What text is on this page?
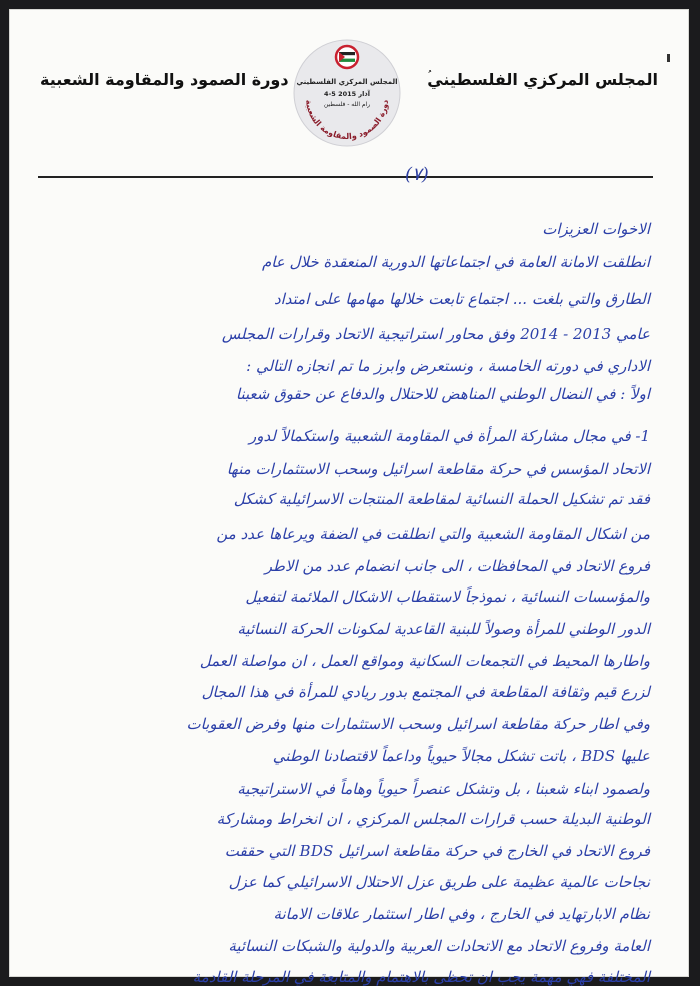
المجلس المركزي الفلسطيني
دورة الصمود والمقاومة الشعبية المجلس المركزي الفلسطيني
4-5 آذار 2015
رام الله - فلسطين
دورة الصمود والمقاومة الشعبية
(٧)
الاخوات العزيزات
انطلقت الامانة العامة في اجتماعاتها الدورية المنعقدة خلال عام
الطارق والتي بلغت ... اجتماع تابعت خلالها مهامها على امتداد
عامي 2013 - 2014 وفق محاور استراتيجية الاتحاد وقرارات المجلس
الاداري في دورته الخامسة ، ونستعرض وابرز ما تم انجازه التالي :
اولاً : في النضال الوطني المناهض للاحتلال والدفاع عن حقوق شعبنا
1- في مجال مشاركة المرأة في المقاومة الشعبية واستكمالاً لدور
الاتحاد المؤسس في حركة مقاطعة اسرائيل وسحب الاستثمارات منها
فقد تم تشكيل الحملة النسائية لمقاطعة المنتجات الاسرائيلية كشكل
من اشكال المقاومة الشعبية والتي انطلقت في الضفة ويرعاها عدد من
فروع الاتحاد في المحافظات ، الى جانب انضمام عدد من الاطر
والمؤسسات النسائية ، نموذجاً لاستقطاب الاشكال الملائمة لتفعيل
الدور الوطني للمرأة وصولاً للبنية القاعدية لمكونات الحركة النسائية
واطارها المحيط في التجمعات السكانية ومواقع العمل ، ان مواصلة العمل
لزرع قيم وثقافة المقاطعة في المجتمع بدور ريادي للمرأة في هذا المجال
وفي اطار حركة مقاطعة اسرائيل وسحب الاستثمارات منها وفرض العقوبات
عليها BDS ، باتت تشكل مجالاً حيوياً وداعماً لاقتصادنا الوطني
ولصمود ابناء شعبنا ، بل وتشكل عنصراً حيوياً وهاماً في الاستراتيجية
الوطنية البديلة حسب قرارات المجلس المركزي ، ان انخراط ومشاركة
فروع الاتحاد في الخارج في حركة مقاطعة اسرائيل BDS التي حققت
نجاحات عالمية عظيمة على طريق عزل الاحتلال الاسرائيلي كما عزل
نظام الابارتهايد في الخارج ، وفي اطار استثمار علاقات الامانة
العامة وفروع الاتحاد مع الاتحادات العربية والدولية والشبكات النسائية
المختلفة فهي مهمة يجب ان تحظى بالاهتمام والمتابعة في المرحلة القادمة
